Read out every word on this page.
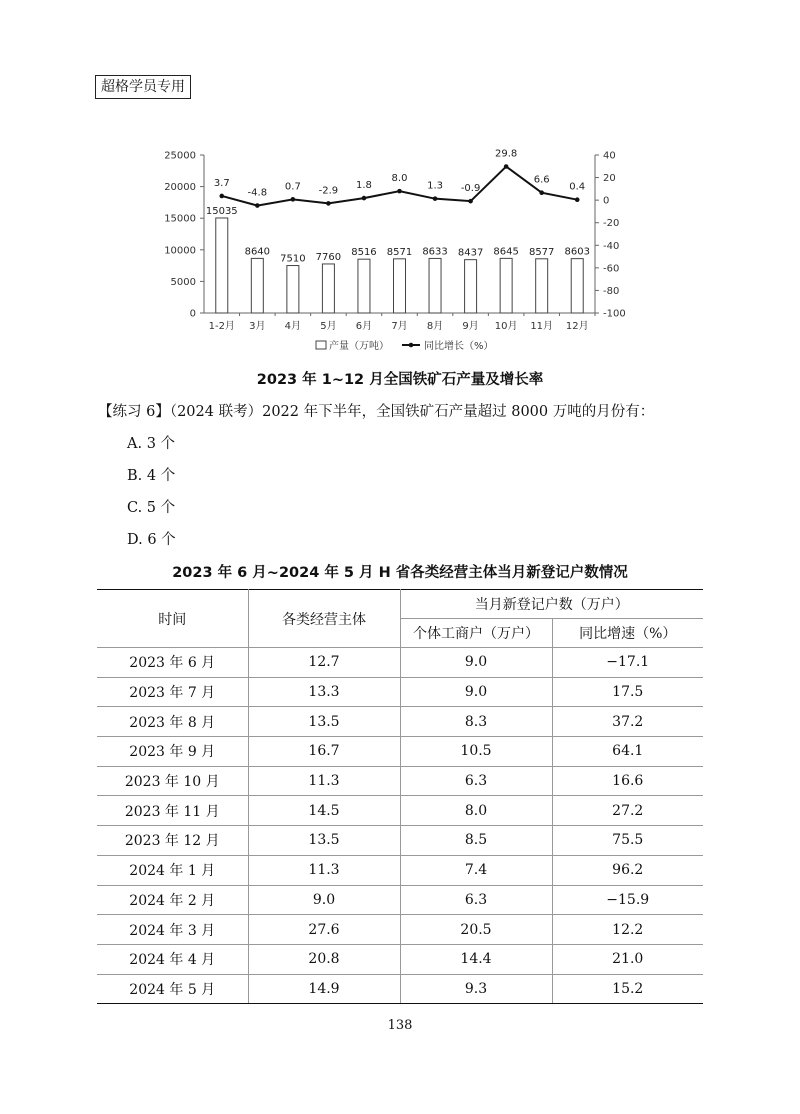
超格学员专用
0
5000
10000
15000
20000
25000	40
20
0
-20
-40
-60
-80
-100
15035
1-2月
8640
3月
7510
4月
7760
5月
8516
6月
8571
7月
8633
8月
8437
9月
8645
10月
8577
11月
8603
12月
3.7
-4.8
0.7 -2.9 1.8
8.0
1.3 -0.9
29.8
6.6
0.4
产量（万吨）	同比增长（%）
2023 年 1~12 月全国铁矿石产量及增长率
【练习 6】（2024 联考）2022 年下半年，全国铁矿石产量超过 8000 万吨的月份有：
A. 3 个
B. 4 个
C. 5 个
D. 6 个
2023 年 6 月~2024 年 5 月 H 省各类经营主体当月新登记户数情况
时间	各类经营主体	当月新登记户数（万户）	
		个体工商户（万户）	同比增速（%）
2023 年 6 月	12.7	9.0	−17.1
2023 年 7 月	13.3	9.0	17.5
2023 年 8 月	13.5	8.3	37.2
2023 年 9 月	16.7	10.5	64.1
2023 年 10 月	11.3	6.3	16.6
2023 年 11 月	14.5	8.0	27.2
2023 年 12 月	13.5	8.5	75.5
2024 年 1 月	11.3	7.4	96.2
2024 年 2 月	9.0	6.3	−15.9
2024 年 3 月	27.6	20.5	12.2
2024 年 4 月	20.8	14.4	21.0
2024 年 5 月	14.9	9.3	15.2
138
